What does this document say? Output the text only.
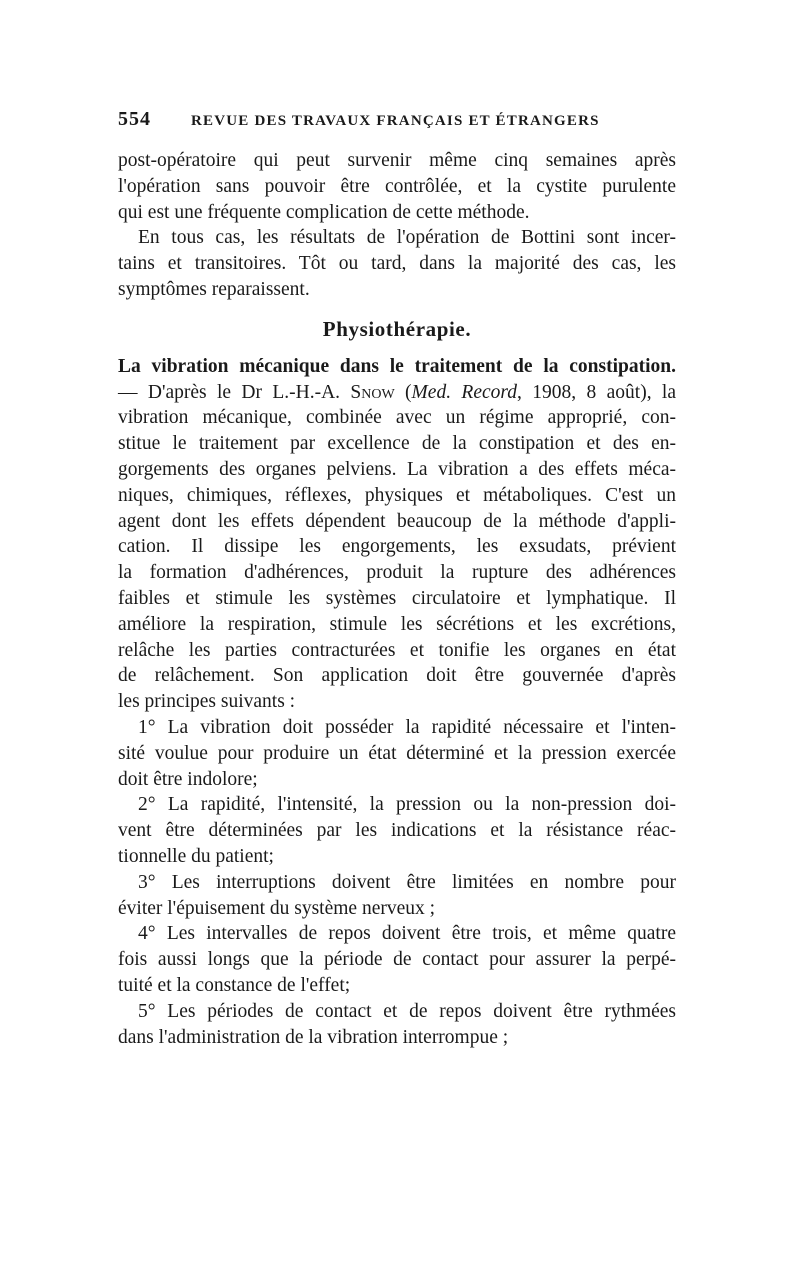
554	REVUE DES TRAVAUX FRANÇAIS ET ÉTRANGERS
post-opératoire qui peut survenir même cinq semaines après
l'opération sans pouvoir être contrôlée, et la cystite purulente
qui est une fréquente complication de cette méthode.
En tous cas, les résultats de l'opération de Bottini sont incer-
tains et transitoires. Tôt ou tard, dans la majorité des cas, les
symptômes reparaissent.
Physiothérapie.
La vibration mécanique dans le traitement de la constipation.
— D'après le Dr L.-H.-A. Snow (Med. Record, 1908, 8 août), la
vibration mécanique, combinée avec un régime approprié, con-
stitue le traitement par excellence de la constipation et des en-
gorgements des organes pelviens. La vibration a des effets méca-
niques, chimiques, réflexes, physiques et métaboliques. C'est un
agent dont les effets dépendent beaucoup de la méthode d'appli-
cation. Il dissipe les engorgements, les exsudats, prévient
la formation d'adhérences, produit la rupture des adhérences
faibles et stimule les systèmes circulatoire et lymphatique. Il
améliore la respiration, stimule les sécrétions et les excrétions,
relâche les parties contracturées et tonifie les organes en état
de relâchement. Son application doit être gouvernée d'après
les principes suivants :
1° La vibration doit posséder la rapidité nécessaire et l'inten-
sité voulue pour produire un état déterminé et la pression exercée
doit être indolore;
2° La rapidité, l'intensité, la pression ou la non-pression doi-
vent être déterminées par les indications et la résistance réac-
tionnelle du patient;
3° Les interruptions doivent être limitées en nombre pour
éviter l'épuisement du système nerveux ;
4° Les intervalles de repos doivent être trois, et même quatre
fois aussi longs que la période de contact pour assurer la perpé-
tuité et la constance de l'effet;
5° Les périodes de contact et de repos doivent être rythmées
dans l'administration de la vibration interrompue ;
